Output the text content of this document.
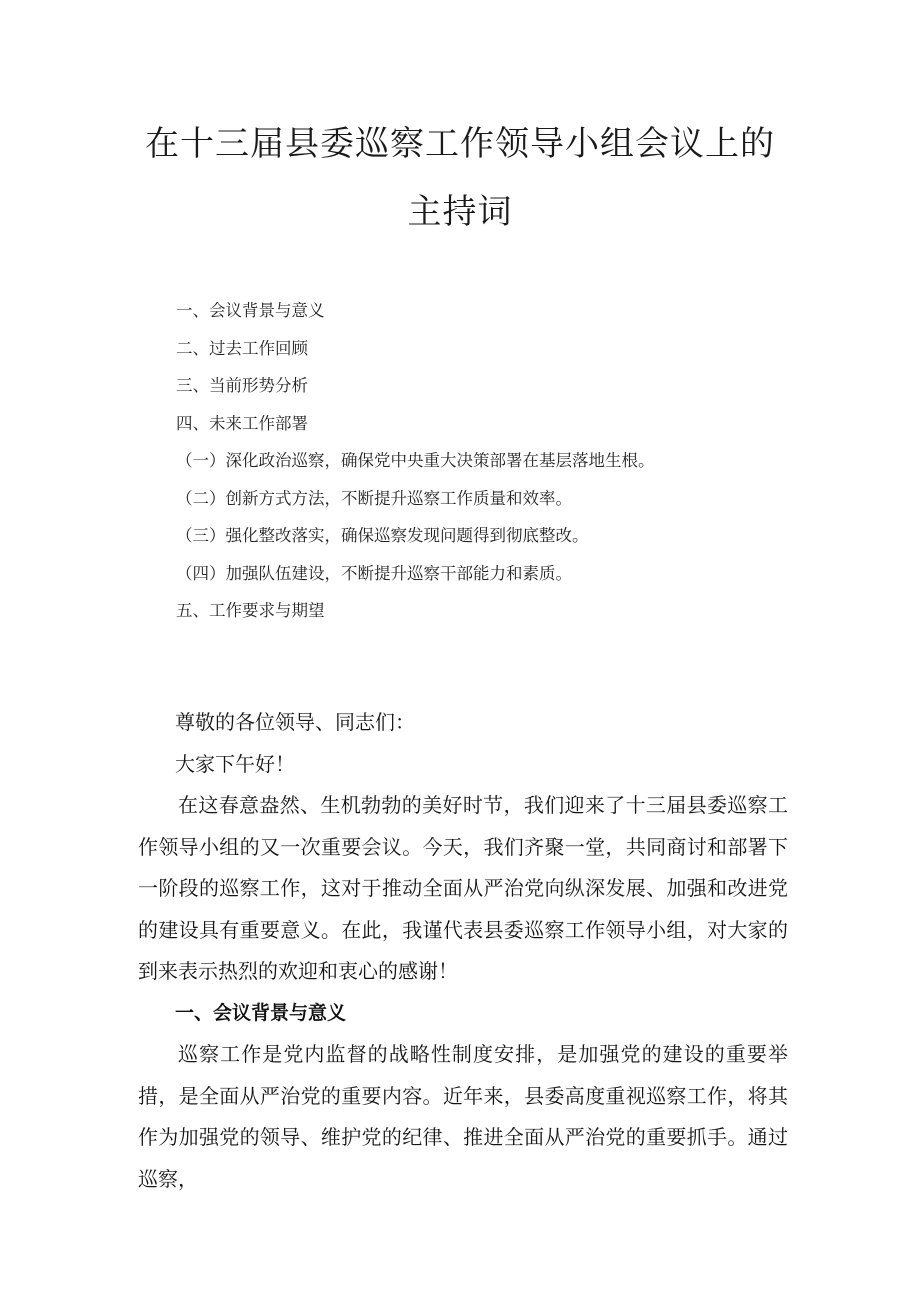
在十三届县委巡察工作领导小组会议上的
主持词
一、会议背景与意义
二、过去工作回顾
三、当前形势分析
四、未来工作部署
（一）深化政治巡察，确保党中央重大决策部署在基层落地生根。
（二）创新方式方法，不断提升巡察工作质量和效率。
（三）强化整改落实，确保巡察发现问题得到彻底整改。
（四）加强队伍建设，不断提升巡察干部能力和素质。
五、工作要求与期望

尊敬的各位领导、同志们：

大家下午好！

在这春意盎然、生机勃勃的美好时节，我们迎来了十三届县委巡察工作领导小组的又一次重要会议。今天，我们齐聚一堂，共同商讨和部署下一阶段的巡察工作，这对于推动全面从严治党向纵深发展、加强和改进党的建设具有重要意义。在此，我谨代表县委巡察工作领导小组，对大家的到来表示热烈的欢迎和衷心的感谢！

一、会议背景与意义

巡察工作是党内监督的战略性制度安排，是加强党的建设的重要举措，是全面从严治党的重要内容。近年来，县委高度重视巡察工作，将其作为加强党的领导、维护党的纪律、推进全面从严治党的重要抓手。通过巡察，
